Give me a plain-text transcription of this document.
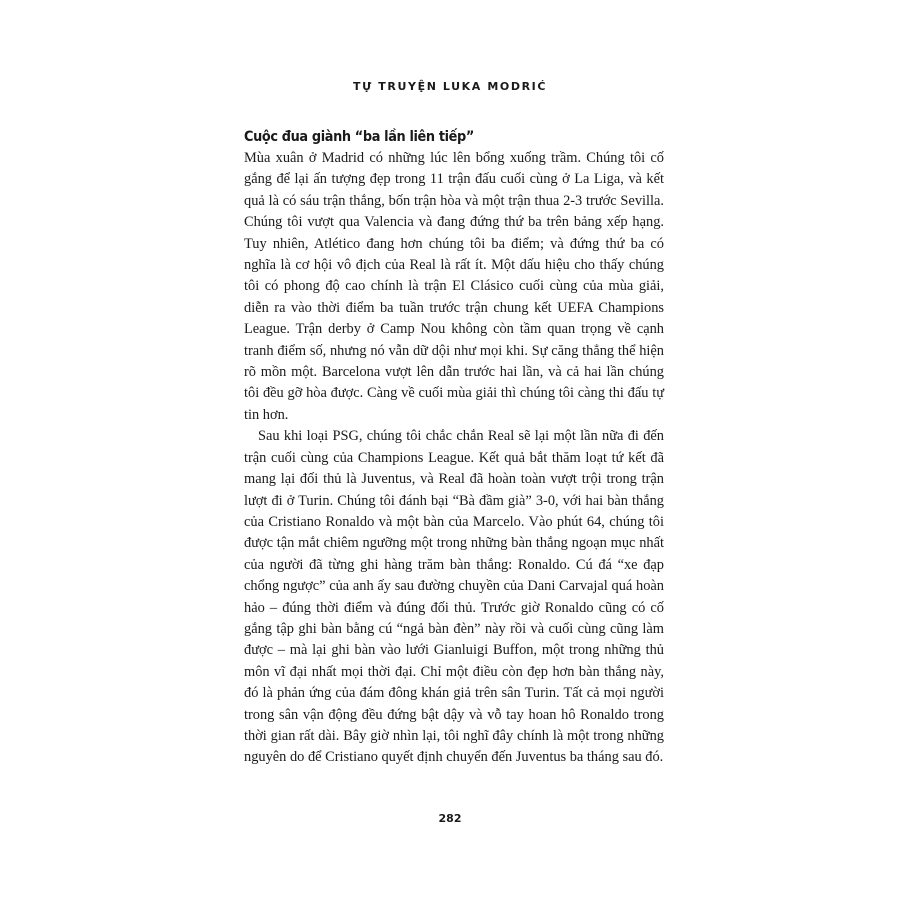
TỰ TRUYỆN LUKA MODRIĆ
Cuộc đua giành “ba lần liên tiếp”

Mùa xuân ở Madrid có những lúc lên bổng xuống trầm. Chúng tôi cố gắng để lại ấn tượng đẹp trong 11 trận đấu cuối cùng ở La Liga, và kết quả là có sáu trận thắng, bốn trận hòa và một trận thua 2-3 trước Sevilla. Chúng tôi vượt qua Valencia và đang đứng thứ ba trên bảng xếp hạng. Tuy nhiên, Atlético đang hơn chúng tôi ba điểm; và đứng thứ ba có nghĩa là cơ hội vô địch của Real là rất ít. Một dấu hiệu cho thấy chúng tôi có phong độ cao chính là trận El Clásico cuối cùng của mùa giải, diễn ra vào thời điểm ba tuần trước trận chung kết UEFA Champions League. Trận derby ở Camp Nou không còn tầm quan trọng về cạnh tranh điểm số, nhưng nó vẫn dữ dội như mọi khi. Sự căng thẳng thể hiện rõ mồn một. Barcelona vượt lên dẫn trước hai lần, và cả hai lần chúng tôi đều gỡ hòa được. Càng về cuối mùa giải thì chúng tôi càng thi đấu tự tin hơn.

Sau khi loại PSG, chúng tôi chắc chắn Real sẽ lại một lần nữa đi đến trận cuối cùng của Champions League. Kết quả bắt thăm loạt tứ kết đã mang lại đối thủ là Juventus, và Real đã hoàn toàn vượt trội trong trận lượt đi ở Turin. Chúng tôi đánh bại “Bà đầm già” 3-0, với hai bàn thắng của Cristiano Ronaldo và một bàn của Marcelo. Vào phút 64, chúng tôi được tận mắt chiêm ngưỡng một trong những bàn thắng ngoạn mục nhất của người đã từng ghi hàng trăm bàn thắng: Ronaldo. Cú đá “xe đạp chổng ngược” của anh ấy sau đường chuyền của Dani Carvajal quá hoàn hảo – đúng thời điểm và đúng đối thủ. Trước giờ Ronaldo cũng có cố gắng tập ghi bàn bằng cú “ngả bàn đèn” này rồi và cuối cùng cũng làm được – mà lại ghi bàn vào lưới Gianluigi Buffon, một trong những thủ môn vĩ đại nhất mọi thời đại. Chỉ một điều còn đẹp hơn bàn thắng này, đó là phản ứng của đám đông khán giả trên sân Turin. Tất cả mọi người trong sân vận động đều đứng bật dậy và vỗ tay hoan hô Ronaldo trong thời gian rất dài. Bây giờ nhìn lại, tôi nghĩ đây chính là một trong những nguyên do để Cristiano quyết định chuyển đến Juventus ba tháng sau đó.

282
